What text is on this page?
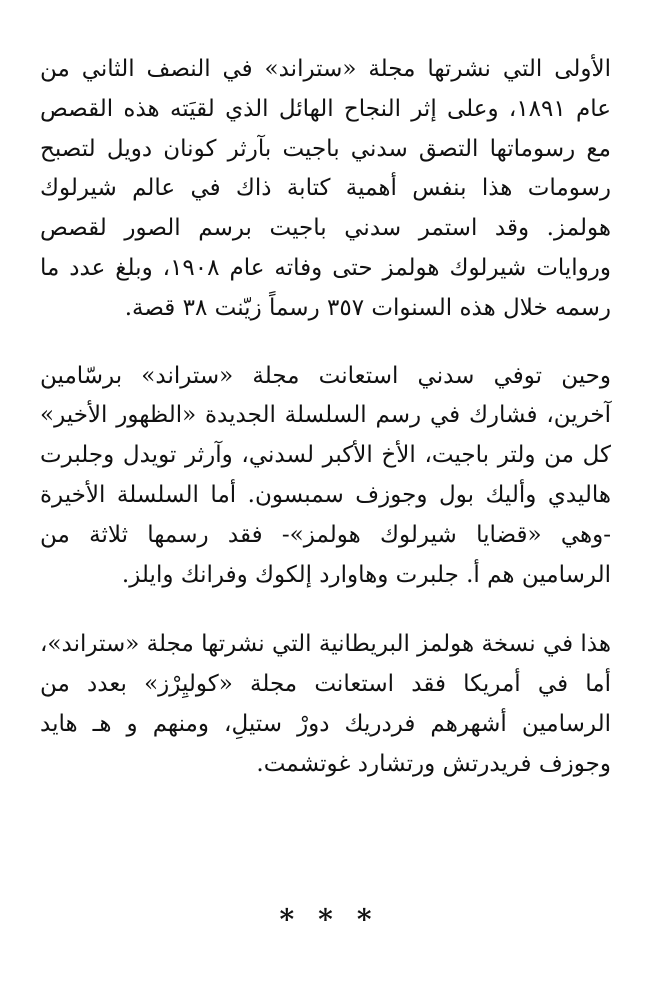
الأولى التي نشرتها مجلة «ستراند» في النصف الثاني من عام ١٨٩١، وعلى إثر النجاح الهائل الذي لقيَته هذه القصص مع رسوماتها التصق سدني باجيت بآرثر كونان دويل لتصبح رسومات هذا بنفس أهمية كتابة ذاك في عالم شيرلوك هولمز. وقد استمر سدني باجيت برسم الصور لقصص وروايات شيرلوك هولمز حتى وفاته عام ١٩٠٨، وبلغ عدد ما رسمه خلال هذه السنوات ٣٥٧ رسماً زيّنت ٣٨ قصة.

وحين توفي سدني استعانت مجلة «ستراند» برسّامين آخرين، فشارك في رسم السلسلة الجديدة «الظهور الأخير» كل من ولتر باجيت، الأخ الأكبر لسدني، وآرثر تويدل وجلبرت هاليدي وأليك بول وجوزف سمبسون. أما السلسلة الأخيرة -وهي «قضايا شيرلوك هولمز»- فقد رسمها ثلاثة من الرسامين هم أ. جلبرت وهاوارد إلكوك وفرانك وايلز.

هذا في نسخة هولمز البريطانية التي نشرتها مجلة «ستراند»، أما في أمريكا فقد استعانت مجلة «كوليِرْز» بعدد من الرسامين أشهرهم فردريك دورْ ستيلِ، ومنهم و هـ هايد وجوزف فريدرتش ورتشارد غوتشمت.

***
